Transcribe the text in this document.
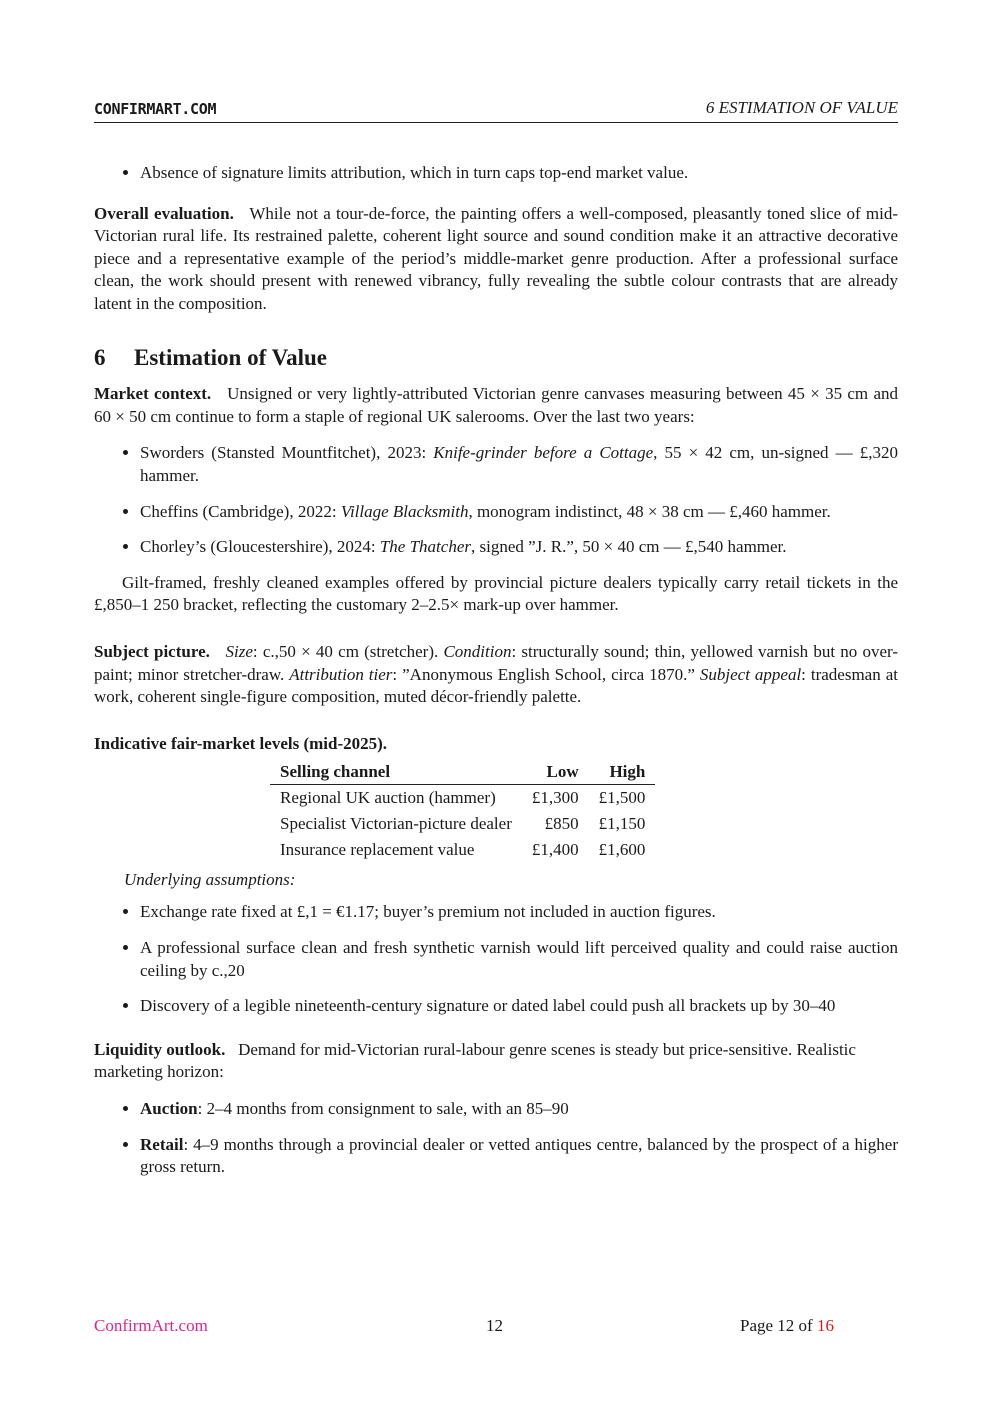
CONFIRMART.COM	6 ESTIMATION OF VALUE
• Absence of signature limits attribution, which in turn caps top-end market value.

Overall evaluation. While not a tour-de-force, the painting offers a well-composed, pleasantly toned slice of mid-Victorian rural life. Its restrained palette, coherent light source and sound condition make it an attractive decorative piece and a representative example of the period’s middle-market genre production. After a professional surface clean, the work should present with renewed vibrancy, fully revealing the subtle colour contrasts that are already latent in the composition.

6 Estimation of Value

Market context. Unsigned or very lightly-attributed Victorian genre canvases measuring between 45 × 35 cm and 60 × 50 cm continue to form a staple of regional UK salerooms. Over the last two years:

• Sworders (Stansted Mountfitchet), 2023: Knife-grinder before a Cottage, 55 × 42 cm, un-signed — £,320 hammer.
• Cheffins (Cambridge), 2022: Village Blacksmith, monogram indistinct, 48 × 38 cm — £,460 hammer.
• Chorley’s (Gloucestershire), 2024: The Thatcher, signed ”J. R.”, 50 × 40 cm — £,540 hammer.

Gilt-framed, freshly cleaned examples offered by provincial picture dealers typically carry retail tickets in the £,850–1 250 bracket, reflecting the customary 2–2.5× mark-up over hammer.

Subject picture. Size: c.,50 × 40 cm (stretcher). Condition: structurally sound; thin, yellowed varnish but no over-paint; minor stretcher-draw. Attribution tier: ”Anonymous English School, circa 1870.” Subject appeal: tradesman at work, coherent single-figure composition, muted décor-friendly palette.

Indicative fair-market levels (mid-2025).
Selling channel	Low	High
Regional UK auction (hammer)	£1,300	£1,500
Specialist Victorian-picture dealer	£850	£1,150
Insurance replacement value	£1,400	£1,600
Underlying assumptions:
• Exchange rate fixed at £,1 = €1.17; buyer’s premium not included in auction figures.
• A professional surface clean and fresh synthetic varnish would lift perceived quality and could raise auction ceiling by c.,20
• Discovery of a legible nineteenth-century signature or dated label could push all brackets up by 30–40

Liquidity outlook. Demand for mid-Victorian rural-labour genre scenes is steady but price-sensitive. Realistic marketing horizon:

• Auction: 2–4 months from consignment to sale, with an 85–90
• Retail: 4–9 months through a provincial dealer or vetted antiques centre, balanced by the prospect of a higher gross return.
ConfirmArt.com	12	Page 12 of 16
